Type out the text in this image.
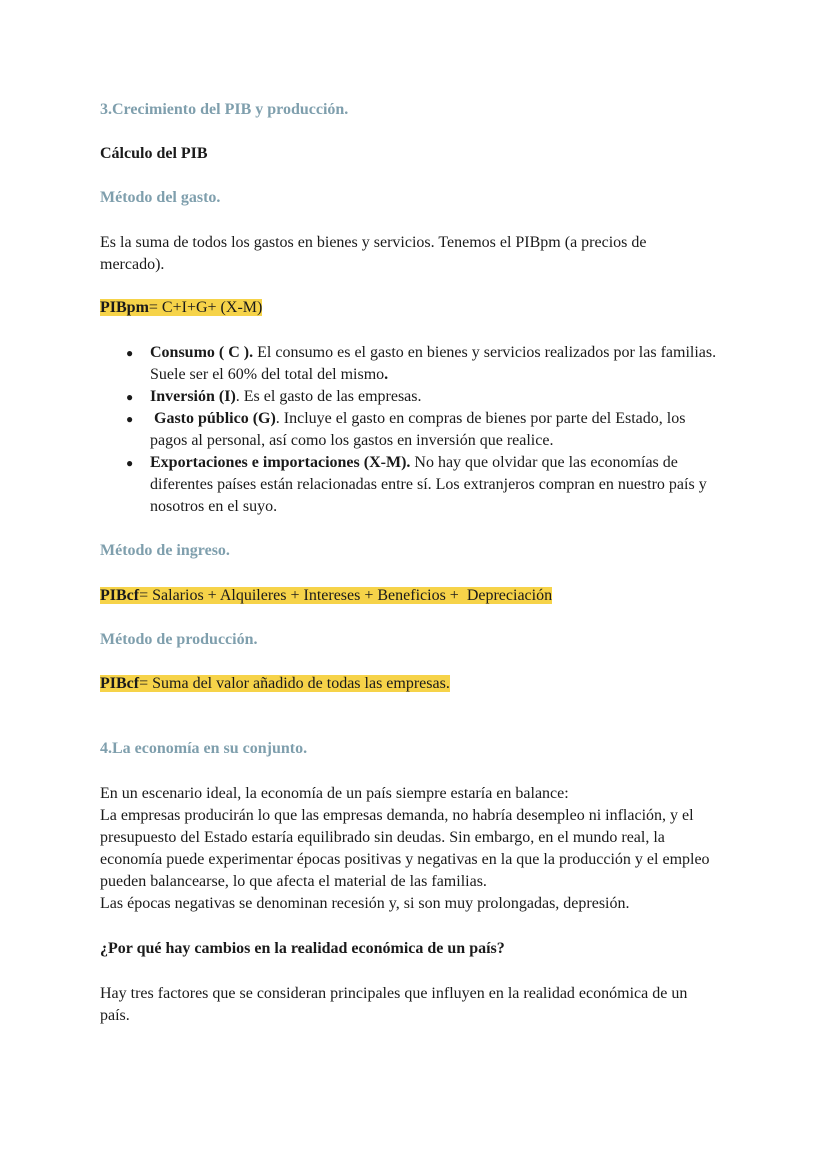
3.Crecimiento del PIB y producción.

Cálculo del PIB

Método del gasto.

Es la suma de todos los gastos en bienes y servicios. Tenemos el PIBpm (a precios de mercado).

PIBpm= C+I+G+ (X-M)

● Consumo ( C ). El consumo es el gasto en bienes y servicios realizados por las familias. Suele ser el 60% del total del mismo.
● Inversión (I). Es el gasto de las empresas.
● Gasto público (G). Incluye el gasto en compras de bienes por parte del Estado, los pagos al personal, así como los gastos en inversión que realice.
● Exportaciones e importaciones (X-M). No hay que olvidar que las economías de diferentes países están relacionadas entre sí. Los extranjeros compran en nuestro país y nosotros en el suyo.

Método de ingreso.

PIBcf= Salarios + Alquileres + Intereses + Beneficios +  Depreciación

Método de producción.

PIBcf= Suma del valor añadido de todas las empresas.

4.La economía en su conjunto.

En un escenario ideal, la economía de un país siempre estaría en balance:
La empresas producirán lo que las empresas demanda, no habría desempleo ni inflación, y el presupuesto del Estado estaría equilibrado sin deudas. Sin embargo, en el mundo real, la economía puede experimentar épocas positivas y negativas en la que la producción y el empleo pueden balancearse, lo que afecta el material de las familias.
Las épocas negativas se denominan recesión y, si son muy prolongadas, depresión.

¿Por qué hay cambios en la realidad económica de un país?

Hay tres factores que se consideran principales que influyen en la realidad económica de un país.
